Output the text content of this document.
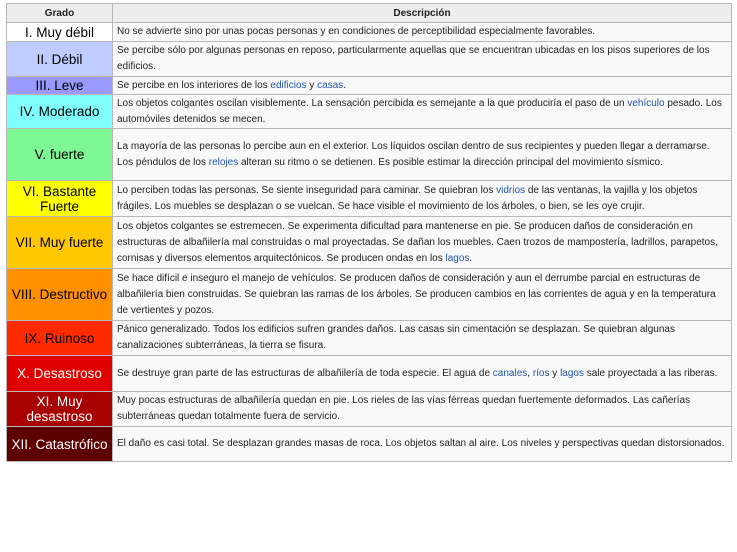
Grado	Descripción
I. Muy débil	No se advierte sino por unas pocas personas y en condiciones de perceptibilidad especialmente favorables.
II. Débil	Se percibe sólo por algunas personas en reposo, particularmente aquellas que se encuentran ubicadas en los pisos superiores de los edificios.
III. Leve	Se percibe en los interiores de los edificios y casas.
IV. Moderado	Los objetos colgantes oscilan visiblemente. La sensación percibida es semejante a la que produciría el paso de un vehículo pesado. Los automóviles detenidos se mecen.
V. fuerte	La mayoría de las personas lo percibe aun en el exterior. Los líquidos oscilan dentro de sus recipientes y pueden llegar a derramarse. Los péndulos de los relojes alteran su ritmo o se detienen. Es posible estimar la dirección principal del movimiento sísmico.
VI. Bastante Fuerte	Lo perciben todas las personas. Se siente inseguridad para caminar. Se quiebran los vidrios de las ventanas, la vajilla y los objetos frágiles. Los muebles se desplazan o se vuelcan. Se hace visible el movimiento de los árboles, o bien, se les oye crujir.
VII. Muy fuerte	Los objetos colgantes se estremecen. Se experimenta dificultad para mantenerse en pie. Se producen daños de consideración en estructuras de albañilería mal construidas o mal proyectadas. Se dañan los muebles. Caen trozos de mampostería, ladrillos, parapetos, cornisas y diversos elementos arquitectónicos. Se producen ondas en los lagos.
VIII. Destructivo	Se hace difícil e inseguro el manejo de vehículos. Se producen daños de consideración y aun el derrumbe parcial en estructuras de albañilería bien construidas. Se quiebran las ramas de los árboles. Se producen cambios en las corrientes de agua y en la temperatura de vertientes y pozos.
IX. Ruinoso	Pánico generalizado. Todos los edificios sufren grandes daños. Las casas sin cimentación se desplazan. Se quiebran algunas canalizaciones subterráneas, la tierra se fisura.
X. Desastroso	Se destruye gran parte de las estructuras de albañilería de toda especie. El agua de canales, ríos y lagos sale proyectada a las riberas.
XI. Muy desastroso	Muy pocas estructuras de albañilería quedan en pie. Los rieles de las vías férreas quedan fuertemente deformados. Las cañerías subterráneas quedan totalmente fuera de servicio.
XII. Catastrófico	El daño es casi total. Se desplazan grandes masas de roca. Los objetos saltan al aire. Los niveles y perspectivas quedan distorsionados.
